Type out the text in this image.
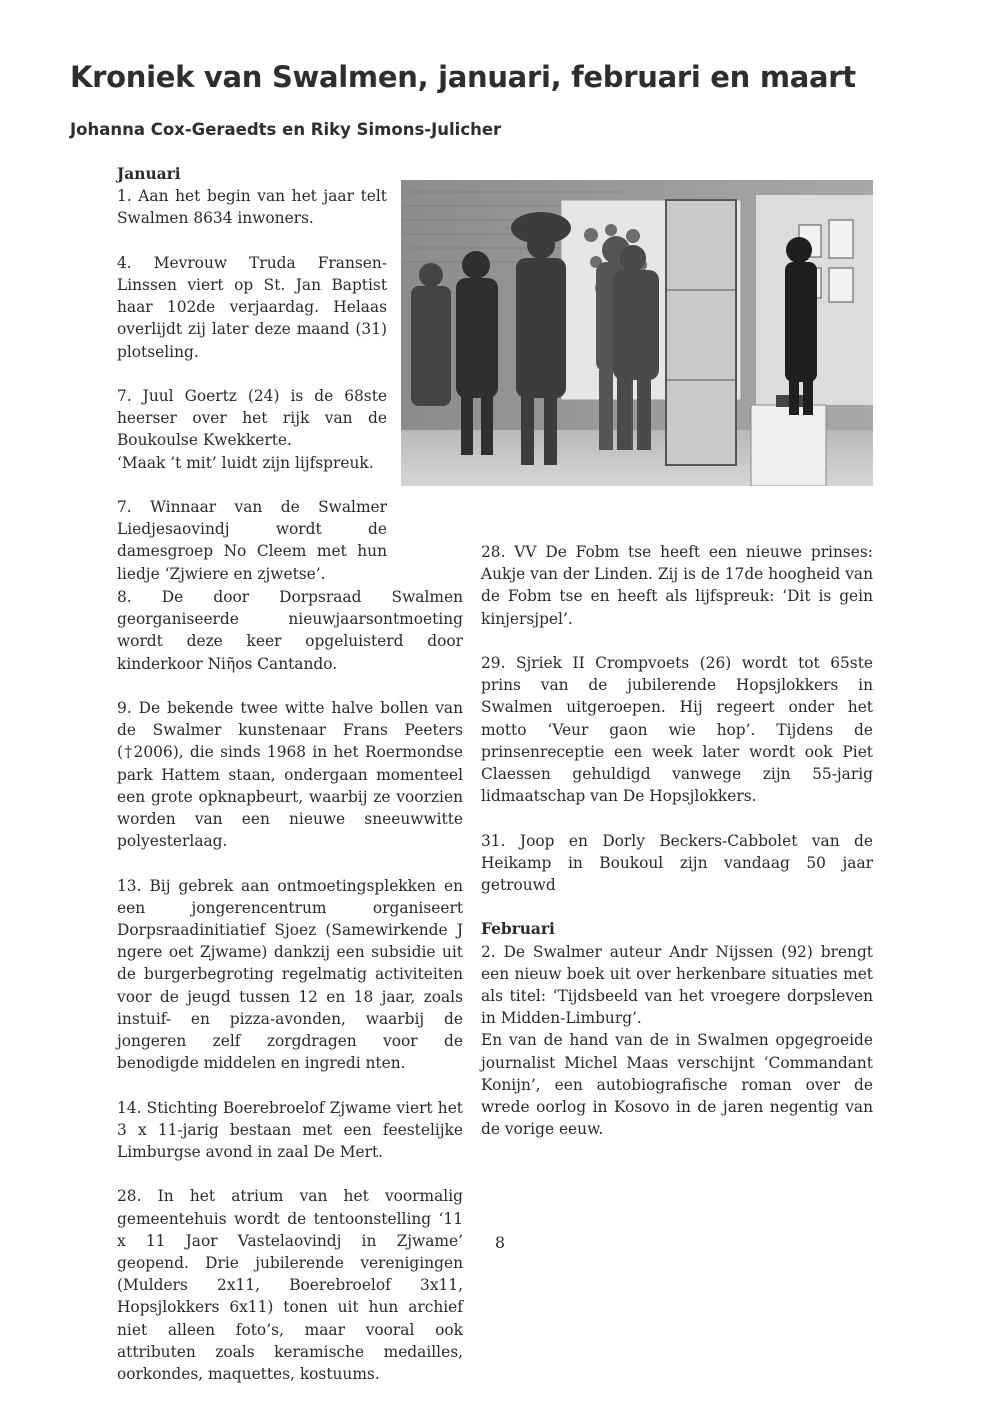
Kroniek van Swalmen, januari, februari en maart
Johanna Cox-Geraedts en Riky Simons-Julicher
Januari

1. Aan het begin van het jaar telt Swalmen 8634 inwoners.

4. Mevrouw Truda Fransen-Linssen viert op St. Jan Baptist haar 102de verjaardag. Helaas overlijdt zij later deze maand (31) plotseling.

7. Juul Goertz (24) is de 68ste heerser over het rijk van de Boukoulse Kwekkerte.

‘Maak ’t mit’ luidt zijn lijfspreuk.

7. Winnaar van de Swalmer Liedjesaovindj wordt de damesgroep No Cleem met hun liedje ‘Zjwiere en zjwetse’.

8. De door Dorpsraad Swalmen georganiseerde nieuwjaarsontmoeting wordt deze keer opgeluisterd door kinderkoor Niῆos Cantando.

9. De bekende twee witte halve bollen van de Swalmer kunstenaar Frans Peeters (†2006), die sinds 1968 in het Roermondse park Hattem staan, ondergaan momenteel een grote opknapbeurt, waarbij ze voorzien worden van een nieuwe sneeuwwitte polyesterlaag.

13. Bij gebrek aan ontmoetingsplekken en een jongerencentrum organiseert Dorpsraadinitiatief Sjoez (Samewirkende J ngere oet Zjwame) dankzij een subsidie uit de burgerbegroting regelmatig activiteiten voor de jeugd tussen 12 en 18 jaar, zoals instuif- en pizza-avonden, waarbij de jongeren zelf zorgdragen voor de benodigde middelen en ingredi nten.

14. Stichting Boerebroelof Zjwame viert het 3 x 11-jarig bestaan met een feestelijke Limburgse avond in zaal De Mert.

28. In het atrium van het voormalig gemeentehuis wordt de tentoonstelling ‘11 x 11 Jaor Vastelaovindj in Zjwame’ geopend. Drie jubilerende verenigingen (Mulders 2x11, Boerebroelof 3x11, Hopsjlokkers 6x11) tonen uit hun archief niet alleen foto’s, maar vooral ook attributen zoals keramische medailles, oorkondes, maquettes, kostuums.

28. VV De Fobm tse heeft een nieuwe prinses: Aukje van der Linden. Zij is de 17de hoogheid van de Fobm tse en heeft als lijfspreuk: ‘Dit is gein kinjersjpel’.

29. Sjriek II Crompvoets (26) wordt tot 65ste prins van de jubilerende Hopsjlokkers in Swalmen uitgeroepen. Hij regeert onder het motto ‘Veur gaon wie hop’. Tijdens de prinsenreceptie een week later wordt ook Piet Claessen gehuldigd vanwege zijn 55-jarig lidmaatschap van De Hopsjlokkers.

31. Joop en Dorly Beckers-Cabbolet van de Heikamp in Boukoul zijn vandaag 50 jaar getrouwd

Februari

2. De Swalmer auteur Andr Nijssen (92) brengt een nieuw boek uit over herkenbare situaties met als titel: ‘Tijdsbeeld van het vroegere dorpsleven in Midden-Limburg’.

En van de hand van de in Swalmen opgegroeide journalist Michel Maas verschijnt ‘Commandant Konijn’, een autobiografische roman over de wrede oorlog in Kosovo in de jaren negentig van de vorige eeuw.

8
